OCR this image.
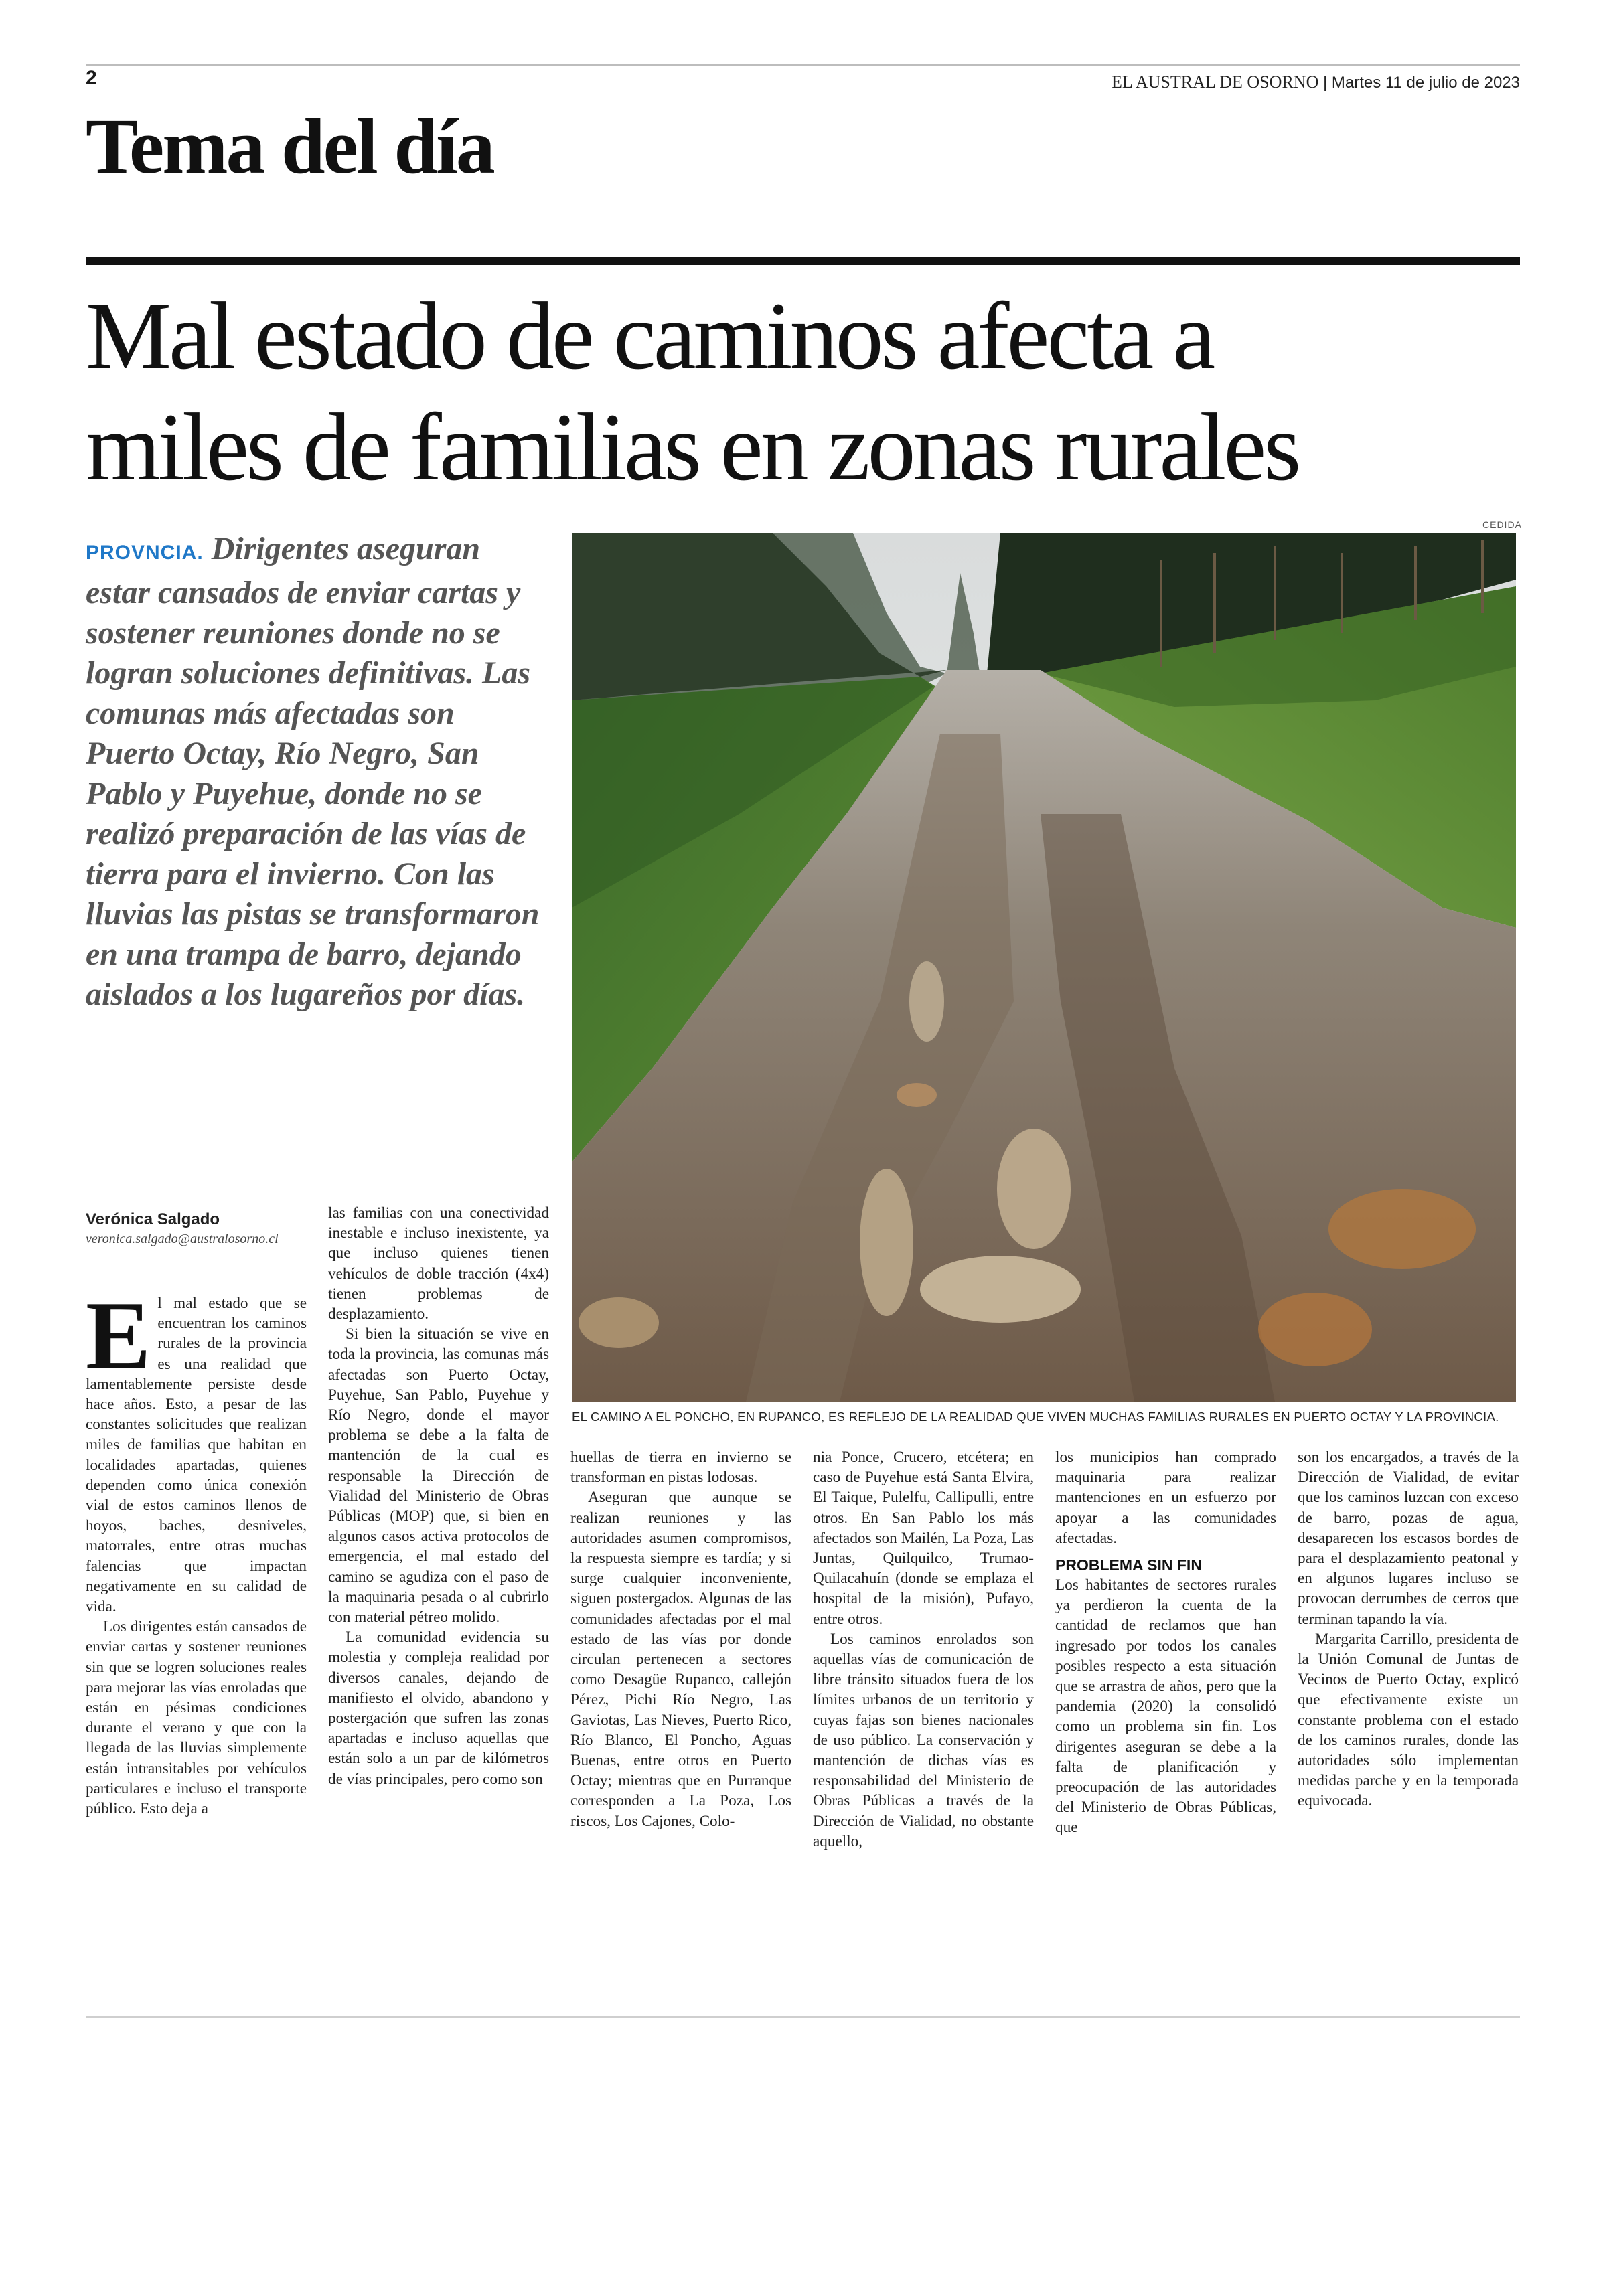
2	EL AUSTRAL DE OSORNO | Martes 11 de julio de 2023
Tema del día
Mal estado de caminos afecta a
miles de familias en zonas rurales
PROVNCIA. Dirigentes aseguran estar cansados de enviar cartas y sostener reuniones donde no se logran soluciones definitivas. Las comunas más afectadas son Puerto Octay, Río Negro, San Pablo y Puyehue, donde no se realizó preparación de las vías de tierra para el invierno. Con las lluvias las pistas se transformaron en una trampa de barro, dejando aislados a los lugareños por días.
CEDIDA
EL CAMINO A EL PONCHO, EN RUPANCO, ES REFLEJO DE LA REALIDAD QUE VIVEN MUCHAS FAMILIAS RURALES EN PUERTO OCTAY Y LA PROVINCIA.
Verónica Salgado
veronica.salgado@australosorno.cl

El mal estado que se encuentran los caminos rurales de la provincia es una realidad que lamentablemente persiste desde hace años. Esto, a pesar de las constantes solicitudes que realizan miles de familias que habitan en localidades apartadas, quienes dependen como única conexión vial de estos caminos llenos de hoyos, baches, desniveles, matorrales, entre otras muchas falencias que impactan negativamente en su calidad de vida.

Los dirigentes están cansados de enviar cartas y sostener reuniones sin que se logren soluciones reales para mejorar las vías enroladas que están en pésimas condiciones durante el verano y que con la llegada de las lluvias simplemente están intransitables por vehículos particulares e incluso el transporte público. Esto deja a

las familias con una conectividad inestable e incluso inexistente, ya que incluso quienes tienen vehículos de doble tracción (4x4) tienen problemas de desplazamiento.

Si bien la situación se vive en toda la provincia, las comunas más afectadas son Puerto Octay, Puyehue, San Pablo, Puyehue y Río Negro, donde el mayor problema se debe a la falta de mantención de la cual es responsable la Dirección de Vialidad del Ministerio de Obras Públicas (MOP) que, si bien en algunos casos activa protocolos de emergencia, el mal estado del camino se agudiza con el paso de la maquinaria pesada o al cubrirlo con material pétreo molido.

La comunidad evidencia su molestia y compleja realidad por diversos canales, dejando de manifiesto el olvido, abandono y postergación que sufren las zonas apartadas e incluso aquellas que están solo a un par de kilómetros de vías principales, pero como son

huellas de tierra en invierno se transforman en pistas lodosas.

Aseguran que aunque se realizan reuniones y las autoridades asumen compromisos, la respuesta siempre es tardía; y si surge cualquier inconveniente, siguen postergados. Algunas de las comunidades afectadas por el mal estado de las vías por donde circulan pertenecen a sectores como Desagüe Rupanco, callejón Pérez, Pichi Río Negro, Las Gaviotas, Las Nieves, Puerto Rico, Río Blanco, El Poncho, Aguas Buenas, entre otros en Puerto Octay; mientras que en Purranque corresponden a La Poza, Los riscos, Los Cajones, Colo-

nia Ponce, Crucero, etcétera; en caso de Puyehue está Santa Elvira, El Taique, Pulelfu, Callipulli, entre otros. En San Pablo los más afectados son Mailén, La Poza, Las Juntas, Quilquilco, Trumao- Quilacahuín (donde se emplaza el hospital de la misión), Pufayo, entre otros.

Los caminos enrolados son aquellas vías de comunicación de libre tránsito situados fuera de los límites urbanos de un territorio y cuyas fajas son bienes nacionales de uso público. La conservación y mantención de dichas vías es responsabilidad del Ministerio de Obras Públicas a través de la Dirección de Vialidad, no obstante aquello,

los municipios han comprado maquinaria para realizar mantenciones en un esfuerzo por apoyar a las comunidades afectadas.

PROBLEMA SIN FIN

Los habitantes de sectores rurales ya perdieron la cuenta de la cantidad de reclamos que han ingresado por todos los canales posibles respecto a esta situación que se arrastra de años, pero que la pandemia (2020) la consolidó como un problema sin fin. Los dirigentes aseguran se debe a la falta de planificación y preocupación de las autoridades del Ministerio de Obras Públicas, que

son los encargados, a través de la Dirección de Vialidad, de evitar que los caminos luzcan con exceso de barro, pozas de agua, desaparecen los escasos bordes de para el desplazamiento peatonal y en algunos lugares incluso se provocan derrumbes de cerros que terminan tapando la vía.

Margarita Carrillo, presidenta de la Unión Comunal de Juntas de Vecinos de Puerto Octay, explicó que efectivamente existe un constante problema con el estado de los caminos rurales, donde las autoridades sólo implementan medidas parche y en la temporada equivocada.
